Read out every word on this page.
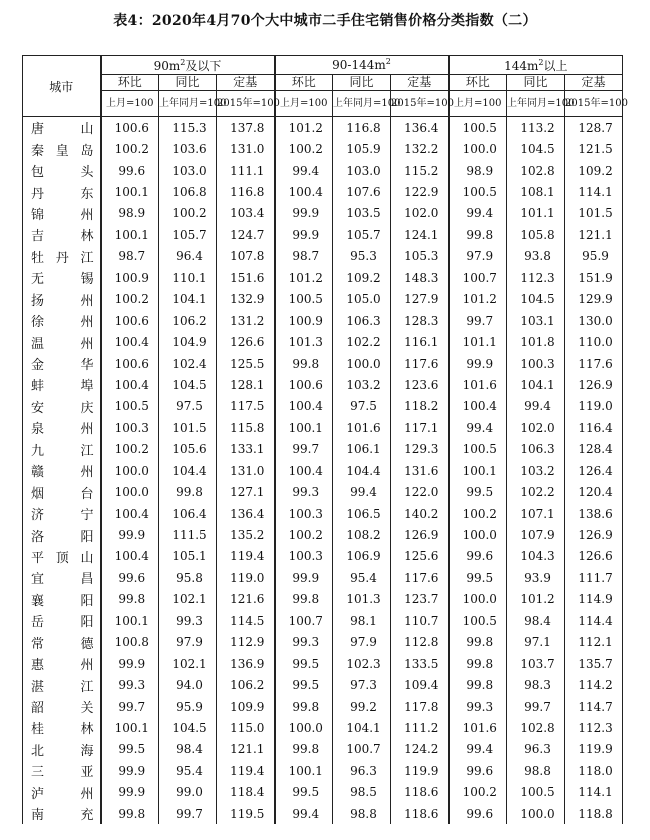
表4：2020年4月70个大中城市二手住宅销售价格分类指数（二）
城市	$90m^2$及以下			$90-144m^2$			$144m^2$以上		
	环比	同比	定基	环比	同比	定基	环比	同比	定基
	上月=100	上年同月=100	2015年=100	上月=100	上年同月=100	2015年=100	上月=100	上年同月=100	2015年=100
唐山	100.6	115.3	137.8	101.2	116.8	136.4	100.5	113.2	128.7
秦皇岛	100.2	103.6	131.0	100.2	105.9	132.2	100.0	104.5	121.5
包头	99.6	103.0	111.1	99.4	103.0	115.2	98.9	102.8	109.2
丹东	100.1	106.8	116.8	100.4	107.6	122.9	100.5	108.1	114.1
锦州	98.9	100.2	103.4	99.9	103.5	102.0	99.4	101.1	101.5
吉林	100.1	105.7	124.7	99.9	105.7	124.1	99.8	105.8	121.1
牡丹江	98.7	96.4	107.8	98.7	95.3	105.3	97.9	93.8	95.9
无锡	100.9	110.1	151.6	101.2	109.2	148.3	100.7	112.3	151.9
扬州	100.2	104.1	132.9	100.5	105.0	127.9	101.2	104.5	129.9
徐州	100.6	106.2	131.2	100.9	106.3	128.3	99.7	103.1	130.0
温州	100.4	104.9	126.6	101.3	102.2	116.1	101.1	101.8	110.0
金华	100.6	102.4	125.5	99.8	100.0	117.6	99.9	100.3	117.6
蚌埠	100.4	104.5	128.1	100.6	103.2	123.6	101.6	104.1	126.9
安庆	100.5	97.5	117.5	100.4	97.5	118.2	100.4	99.4	119.0
泉州	100.3	101.5	115.8	100.1	101.6	117.1	99.4	102.0	116.4
九江	100.2	105.6	133.1	99.7	106.1	129.3	100.5	106.3	128.4
赣州	100.0	104.4	131.0	100.4	104.4	131.6	100.1	103.2	126.4
烟台	100.0	99.8	127.1	99.3	99.4	122.0	99.5	102.2	120.4
济宁	100.4	106.4	136.4	100.3	106.5	140.2	100.2	107.1	138.6
洛阳	99.9	111.5	135.2	100.2	108.2	126.9	100.0	107.9	126.9
平顶山	100.4	105.1	119.4	100.3	106.9	125.6	99.6	104.3	126.6
宜昌	99.6	95.8	119.0	99.9	95.4	117.6	99.5	93.9	111.7
襄阳	99.8	102.1	121.6	99.8	101.3	123.7	100.0	101.2	114.9
岳阳	100.1	99.3	114.5	100.7	98.1	110.7	100.5	98.4	114.4
常德	100.8	97.9	112.9	99.3	97.9	112.8	99.8	97.1	112.1
惠州	99.9	102.1	136.9	99.5	102.3	133.5	99.8	103.7	135.7
湛江	99.3	94.0	106.2	99.5	97.3	109.4	99.8	98.3	114.2
韶关	99.7	95.9	109.9	99.8	99.2	117.8	99.3	99.7	114.7
桂林	100.1	104.5	115.0	100.0	104.1	111.2	101.6	102.8	112.3
北海	99.5	98.4	121.1	99.8	100.7	124.2	99.4	96.3	119.9
三亚	99.9	95.4	119.4	100.1	96.3	119.9	99.6	98.8	118.0
泸州	99.9	99.0	118.4	99.5	98.5	118.6	100.2	100.5	114.1
南充	99.8	99.7	119.5	99.4	98.8	118.6	99.6	100.0	118.8
